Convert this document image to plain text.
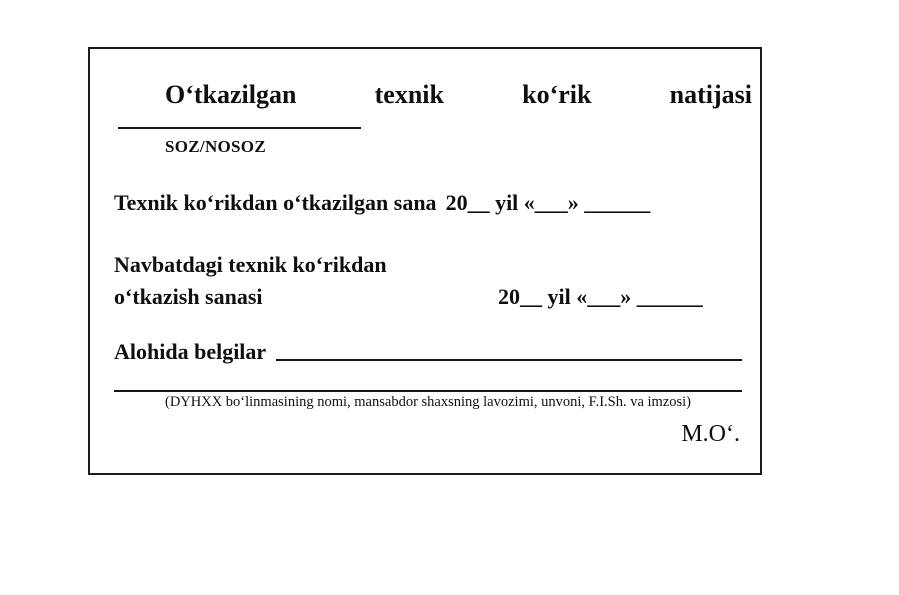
O‘tkazilgan	texnik	ko‘rik	natijasi
SOZ/NOSOZ
Texnik ko‘rikdan o‘tkazilgan sana 20__ yil «___» ______
Navbatdagi texnik ko‘rikdan
o‘tkazish sanasi	20__ yil «___» ______
Alohida belgilar
(DYHXX bo‘linmasining nomi, mansabdor shaxsning lavozimi, unvoni, F.I.Sh. va imzosi)
M.O‘.
